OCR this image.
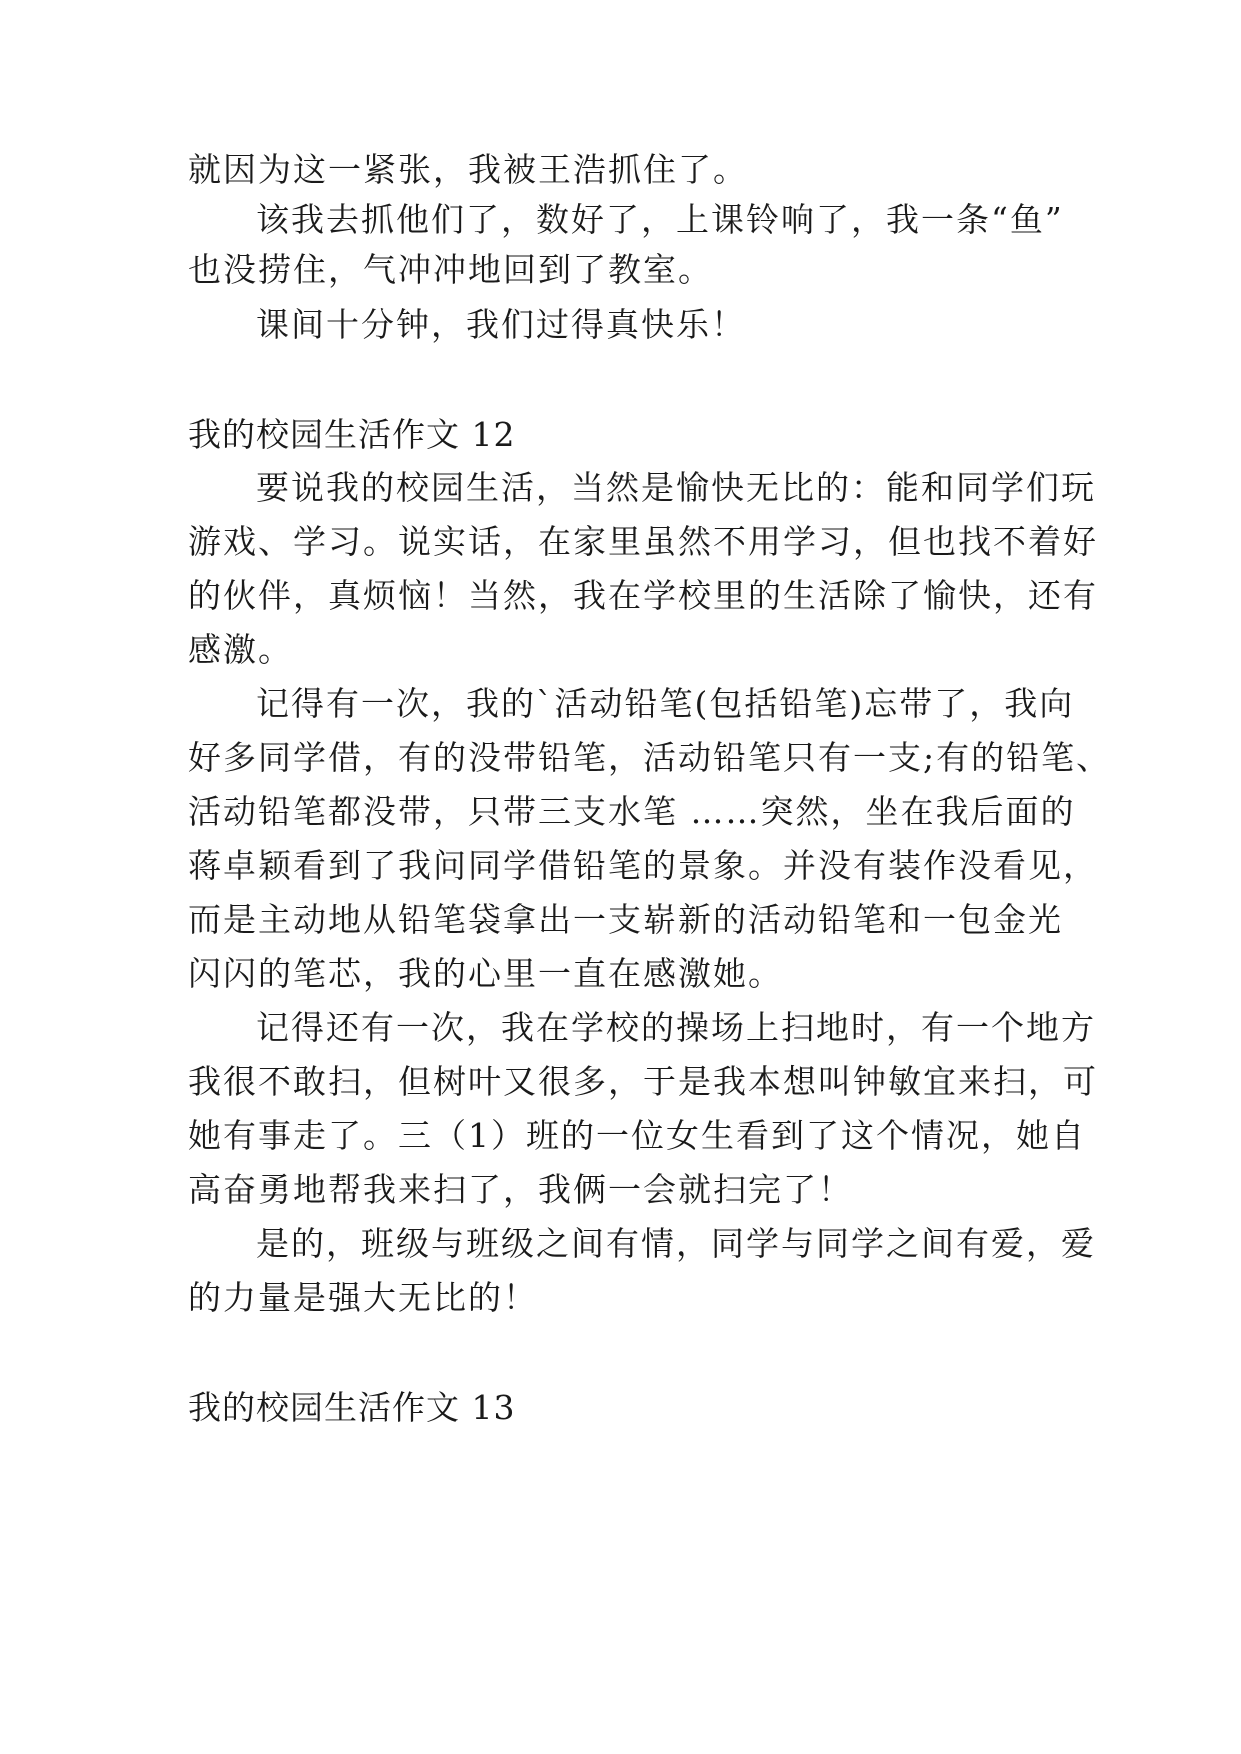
就因为这一紧张，我被王浩抓住了。
该我去抓他们了，数好了，上课铃响了，我一条“鱼”
也没捞住，气冲冲地回到了教室。
课间十分钟，我们过得真快乐！
我的校园生活作文 12
要说我的校园生活，当然是愉快无比的：能和同学们玩
游戏、学习。说实话，在家里虽然不用学习，但也找不着好
的伙伴，真烦恼！当然，我在学校里的生活除了愉快，还有
感激。
记得有一次，我的`活动铅笔(包括铅笔)忘带了，我向
好多同学借，有的没带铅笔，活动铅笔只有一支;有的铅笔、
活动铅笔都没带，只带三支水笔 ……突然，坐在我后面的
蒋卓颖看到了我问同学借铅笔的景象。并没有装作没看见，
而是主动地从铅笔袋拿出一支崭新的活动铅笔和一包金光
闪闪的笔芯，我的心里一直在感激她。
记得还有一次，我在学校的操场上扫地时，有一个地方
我很不敢扫，但树叶又很多，于是我本想叫钟敏宜来扫，可
她有事走了。三（1）班的一位女生看到了这个情况，她自
高奋勇地帮我来扫了，我俩一会就扫完了！
是的，班级与班级之间有情，同学与同学之间有爱，爱
的力量是强大无比的！
我的校园生活作文 13
